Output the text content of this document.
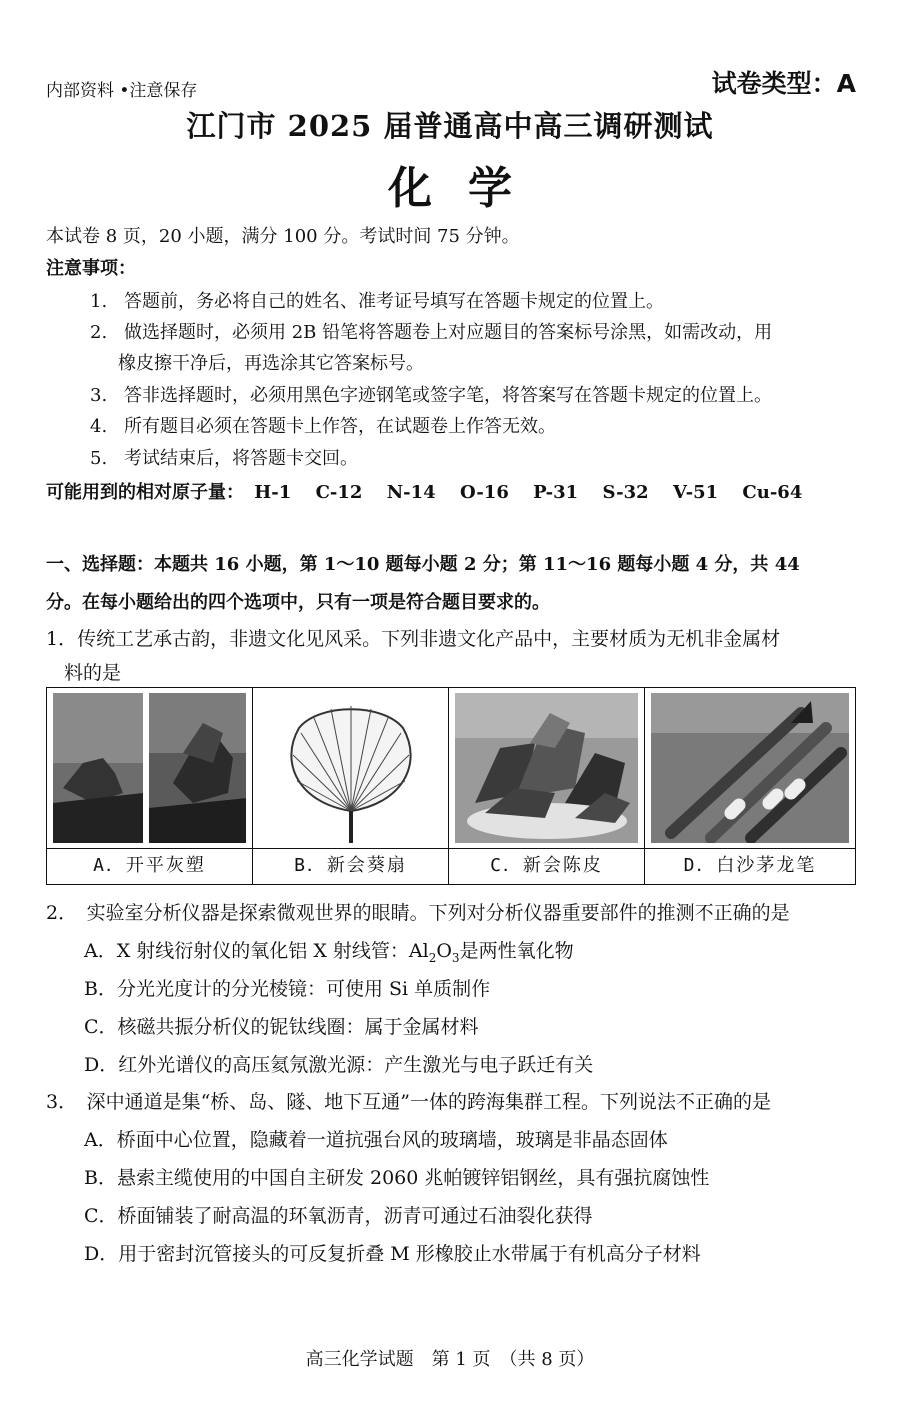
内部资料 •注意保存	试卷类型：A
江门市 2025 届普通高中高三调研测试
化学
本试卷 8 页，20 小题，满分 100 分。考试时间 75 分钟。
注意事项：
1. 答题前，务必将自己的姓名、准考证号填写在答题卡规定的位置上。
2. 做选择题时，必须用 2B 铅笔将答题卷上对应题目的答案标号涂黑，如需改动，用
橡皮擦干净后，再选涂其它答案标号。
3. 答非选择题时，必须用黑色字迹钢笔或签字笔，将答案写在答题卡规定的位置上。
4. 所有题目必须在答题卡上作答，在试题卷上作答无效。
5. 考试结束后，将答题卡交回。
可能用到的相对原子量： H-1 C-12 N-14 O-16 P-31 S-32 V-51 Cu-64
一、选择题：本题共 16 小题，第 1～10 题每小题 2 分；第 11～16 题每小题 4 分，共 44
分。在每小题给出的四个选项中，只有一项是符合题目要求的。
1．传统工艺承古韵，非遗文化见风采。下列非遗文化产品中，主要材质为无机非金属材
料的是
A．开平灰塑	B．新会葵扇	C．新会陈皮	D．白沙茅龙笔
2．　实验室分析仪器是探索微观世界的眼睛。下列对分析仪器重要部件的推测不正确的是
A．X 射线衍射仪的氧化铝 X 射线管：$Al_2O_3$是两性氧化物
B．分光光度计的分光棱镜：可使用 Si 单质制作
C．核磁共振分析仪的铌钛线圈：属于金属材料
D．红外光谱仪的高压氦氖激光源：产生激光与电子跃迁有关
3．　深中通道是集“桥、岛、隧、地下互通”一体的跨海集群工程。下列说法不正确的是
A．桥面中心位置，隐藏着一道抗强台风的玻璃墙，玻璃是非晶态固体
B．悬索主缆使用的中国自主研发 2060 兆帕镀锌铝钢丝，具有强抗腐蚀性
C．桥面铺装了耐高温的环氧沥青，沥青可通过石油裂化获得
D．用于密封沉管接头的可反复折叠 M 形橡胶止水带属于有机高分子材料
高三化学试题　第 1 页　（共 8 页）
